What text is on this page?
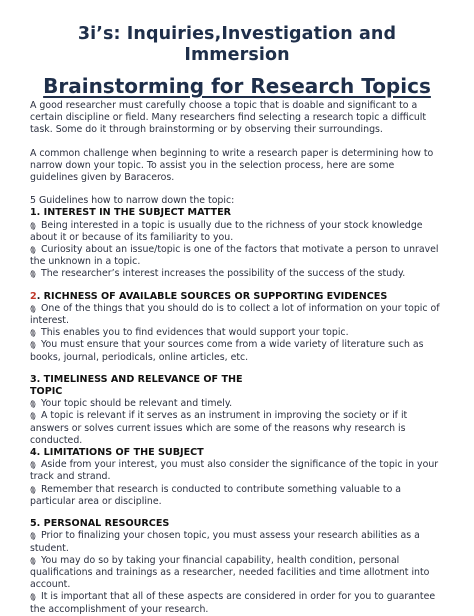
3i’s: Inquiries,Investigation and
Immersion
Brainstorming for Research Topics

A good researcher must carefully choose a topic that is doable and significant to a certain discipline or field. Many researchers find selecting a research topic a difficult task. Some do it through brainstorming or by observing their surroundings.

A common challenge when beginning to write a research paper is determining how to narrow down your topic. To assist you in the selection process, here are some guidelines given by Baraceros.

5 Guidelines how to narrow down the topic:

1. INTEREST IN THE SUBJECT MATTER

⟬⟭ Being interested in a topic is usually due to the richness of your stock knowledge about it or because of its familiarity to you.

⟬⟭ Curiosity about an issue/topic is one of the factors that motivate a person to unravel the unknown in a topic.

⟬⟭ The researcher’s interest increases the possibility of the success of the study.

2. RICHNESS OF AVAILABLE SOURCES OR SUPPORTING EVIDENCES

⟬⟭ One of the things that you should do is to collect a lot of information on your topic of interest.

⟬⟭ This enables you to find evidences that would support your topic.

⟬⟭ You must ensure that your sources come from a wide variety of literature such as books, journal, periodicals, online articles, etc.

3. TIMELINESS AND RELEVANCE OF THE
TOPIC

⟬⟭ Your topic should be relevant and timely.

⟬⟭ A topic is relevant if it serves as an instrument in improving the society or if it answers or solves current issues which are some of the reasons why research is conducted.

4. LIMITATIONS OF THE SUBJECT

⟬⟭ Aside from your interest, you must also consider the significance of the topic in your track and strand.

⟬⟭ Remember that research is conducted to contribute something valuable to a particular area or discipline.

5. PERSONAL RESOURCES

⟬⟭ Prior to finalizing your chosen topic, you must assess your research abilities as a student.

⟬⟭ You may do so by taking your financial capability, health condition, personal qualifications and trainings as a researcher, needed facilities and time allotment into account.

⟬⟭ It is important that all of these aspects are considered in order for you to guarantee the accomplishment of your research.
